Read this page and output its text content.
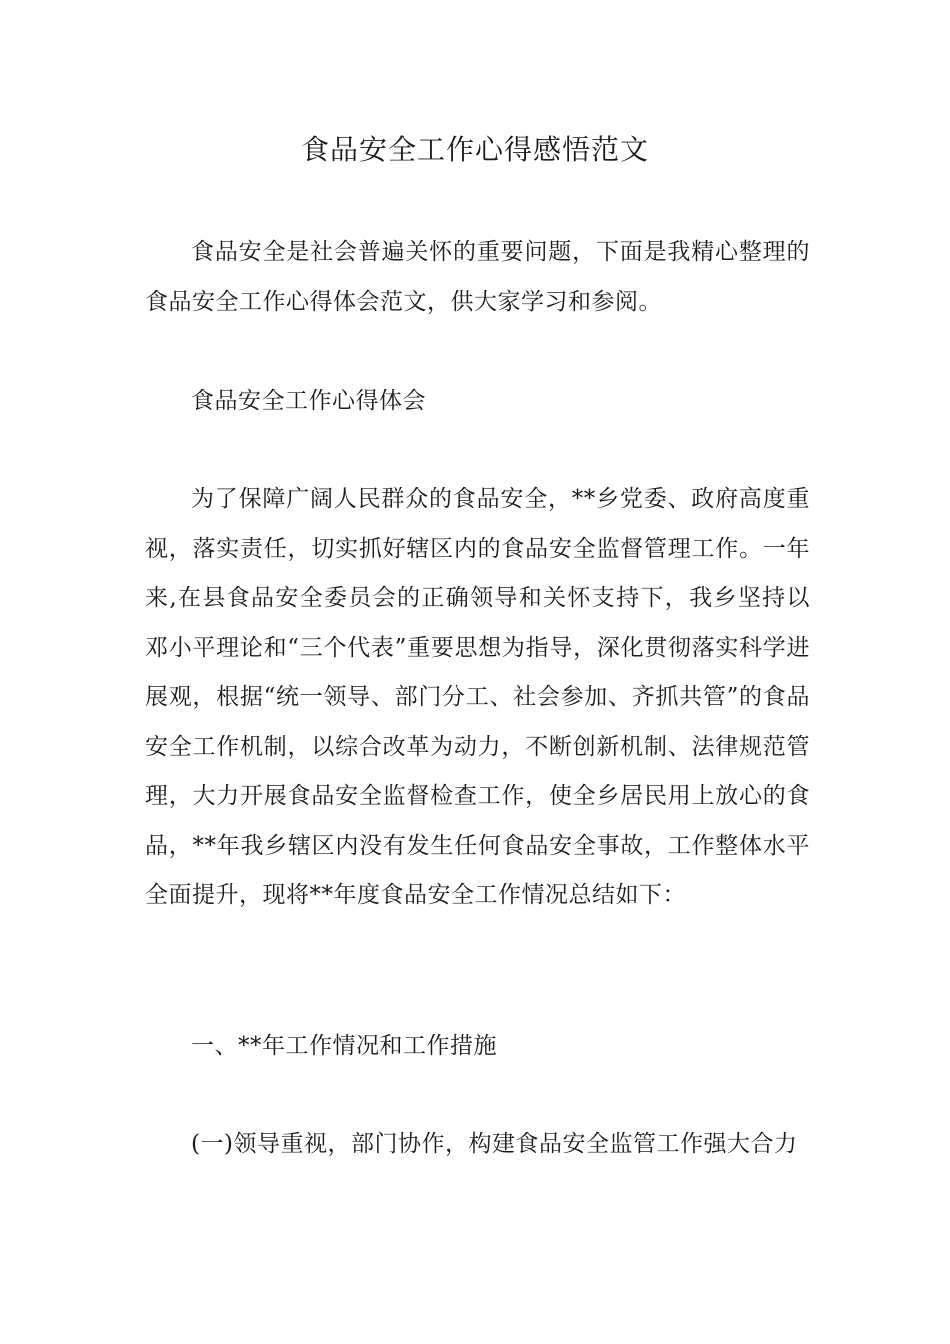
食品安全工作心得感悟范文

食品安全是社会普遍关怀的重要问题，下面是我精心整理的食品安全工作心得体会范文，供大家学习和参阅。

食品安全工作心得体会

为了保障广阔人民群众的食品安全，**乡党委、政府高度重视，落实责任，切实抓好辖区内的食品安全监督管理工作。一年来,在县食品安全委员会的正确领导和关怀支持下，我乡坚持以邓小平理论和“三个代表”重要思想为指导，深化贯彻落实科学进展观，根据“统一领导、部门分工、社会参加、齐抓共管”的食品安全工作机制，以综合改革为动力，不断创新机制、法律规范管理，大力开展食品安全监督检查工作，使全乡居民用上放心的食品，**年我乡辖区内没有发生任何食品安全事故，工作整体水平全面提升，现将**年度食品安全工作情况总结如下：

一、**年工作情况和工作措施

(一)领导重视，部门协作，构建食品安全监管工作强大合力
